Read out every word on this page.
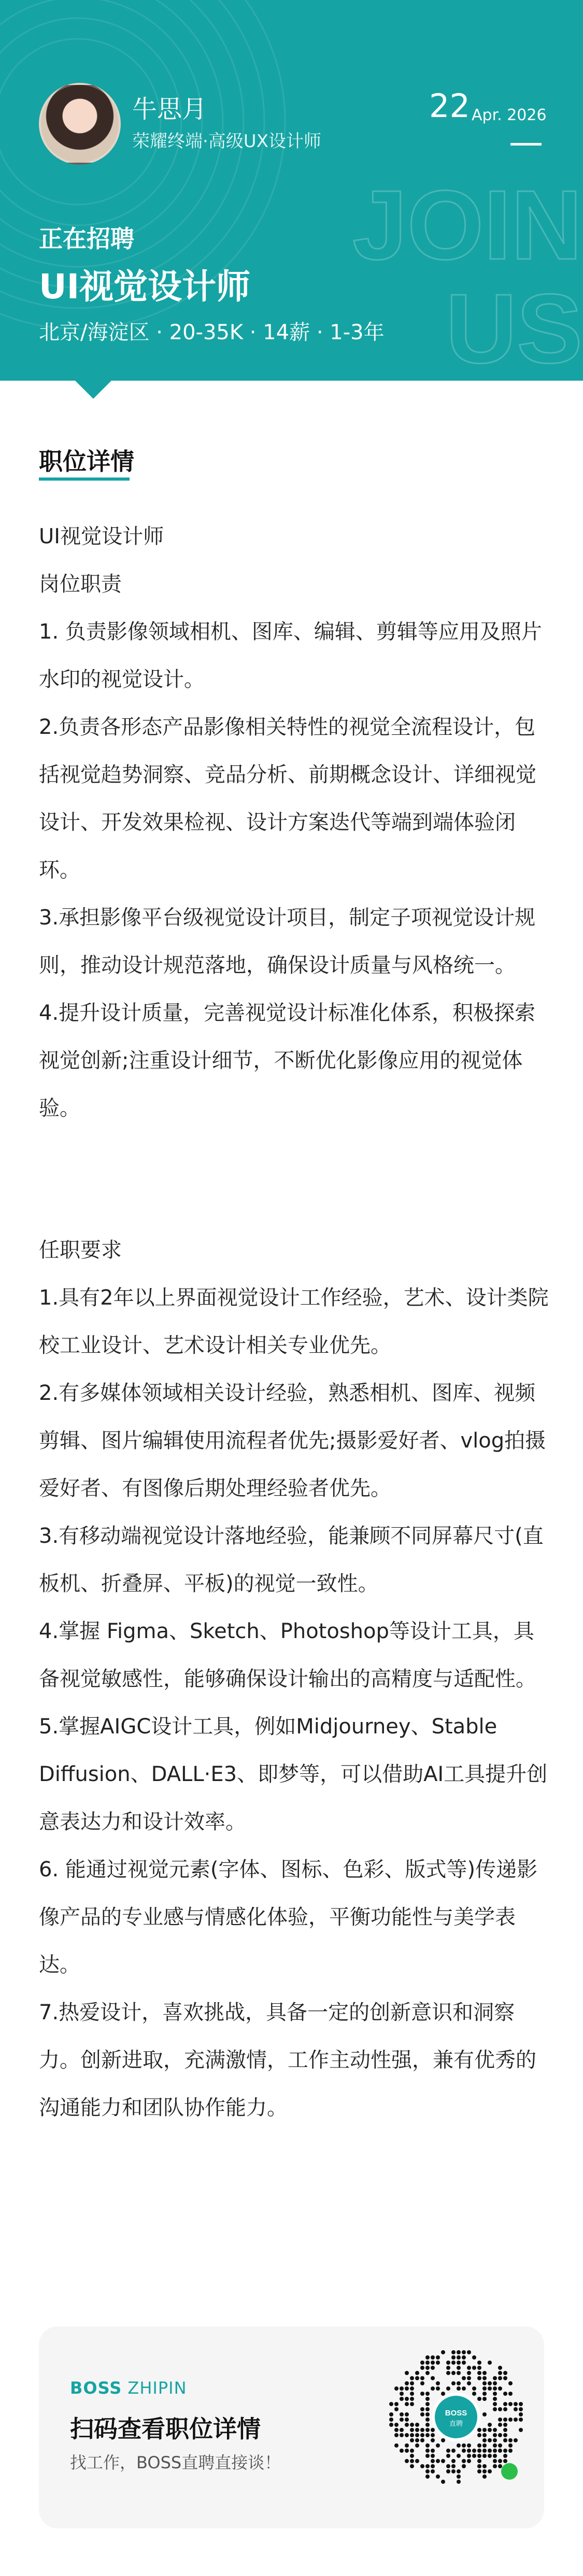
JOIN
US
牛思月
荣耀终端·高级UX设计师
22 Apr. 2026
正在招聘
UI视觉设计师
北京/海淀区 · 20-35K · 14薪 · 1-3年
职位详情

UI视觉设计师

岗位职责

1. 负责影像领域相机、图库、编辑、剪辑等应用及照片水印的视觉设计。

2.负责各形态产品影像相关特性的视觉全流程设计，包括视觉趋势洞察、竞品分析、前期概念设计、详细视觉设计、开发效果检视、设计方案迭代等端到端体验闭环。

3.承担影像平台级视觉设计项目，制定子项视觉设计规则，推动设计规范落地，确保设计质量与风格统一。

4.提升设计质量，完善视觉设计标准化体系，积极探索视觉创新;注重设计细节，不断优化影像应用的视觉体验。

任职要求

1.具有2年以上界面视觉设计工作经验，艺术、设计类院校工业设计、艺术设计相关专业优先。

2.有多媒体领域相关设计经验，熟悉相机、图库、视频剪辑、图片编辑使用流程者优先;摄影爱好者、vlog拍摄爱好者、有图像后期处理经验者优先。

3.有移动端视觉设计落地经验，能兼顾不同屏幕尺寸(直板机、折叠屏、平板)的视觉一致性。

4.掌握 Figma、Sketch、Photoshop等设计工具，具备视觉敏感性，能够确保设计输出的高精度与适配性。

5.掌握AIGC设计工具，例如Midjourney、Stable Diffusion、DALL·E3、即梦等，可以借助AI工具提升创意表达力和设计效率。

6. 能通过视觉元素(字体、图标、色彩、版式等)传递影像产品的专业感与情感化体验，平衡功能性与美学表达。

7.热爱设计，喜欢挑战，具备一定的创新意识和洞察力。创新进取，充满激情，工作主动性强，兼有优秀的沟通能力和团队协作能力。

BOSS ZHIPIN
扫码查看职位详情
找工作，BOSS直聘直接谈！
BOSS
直聘
